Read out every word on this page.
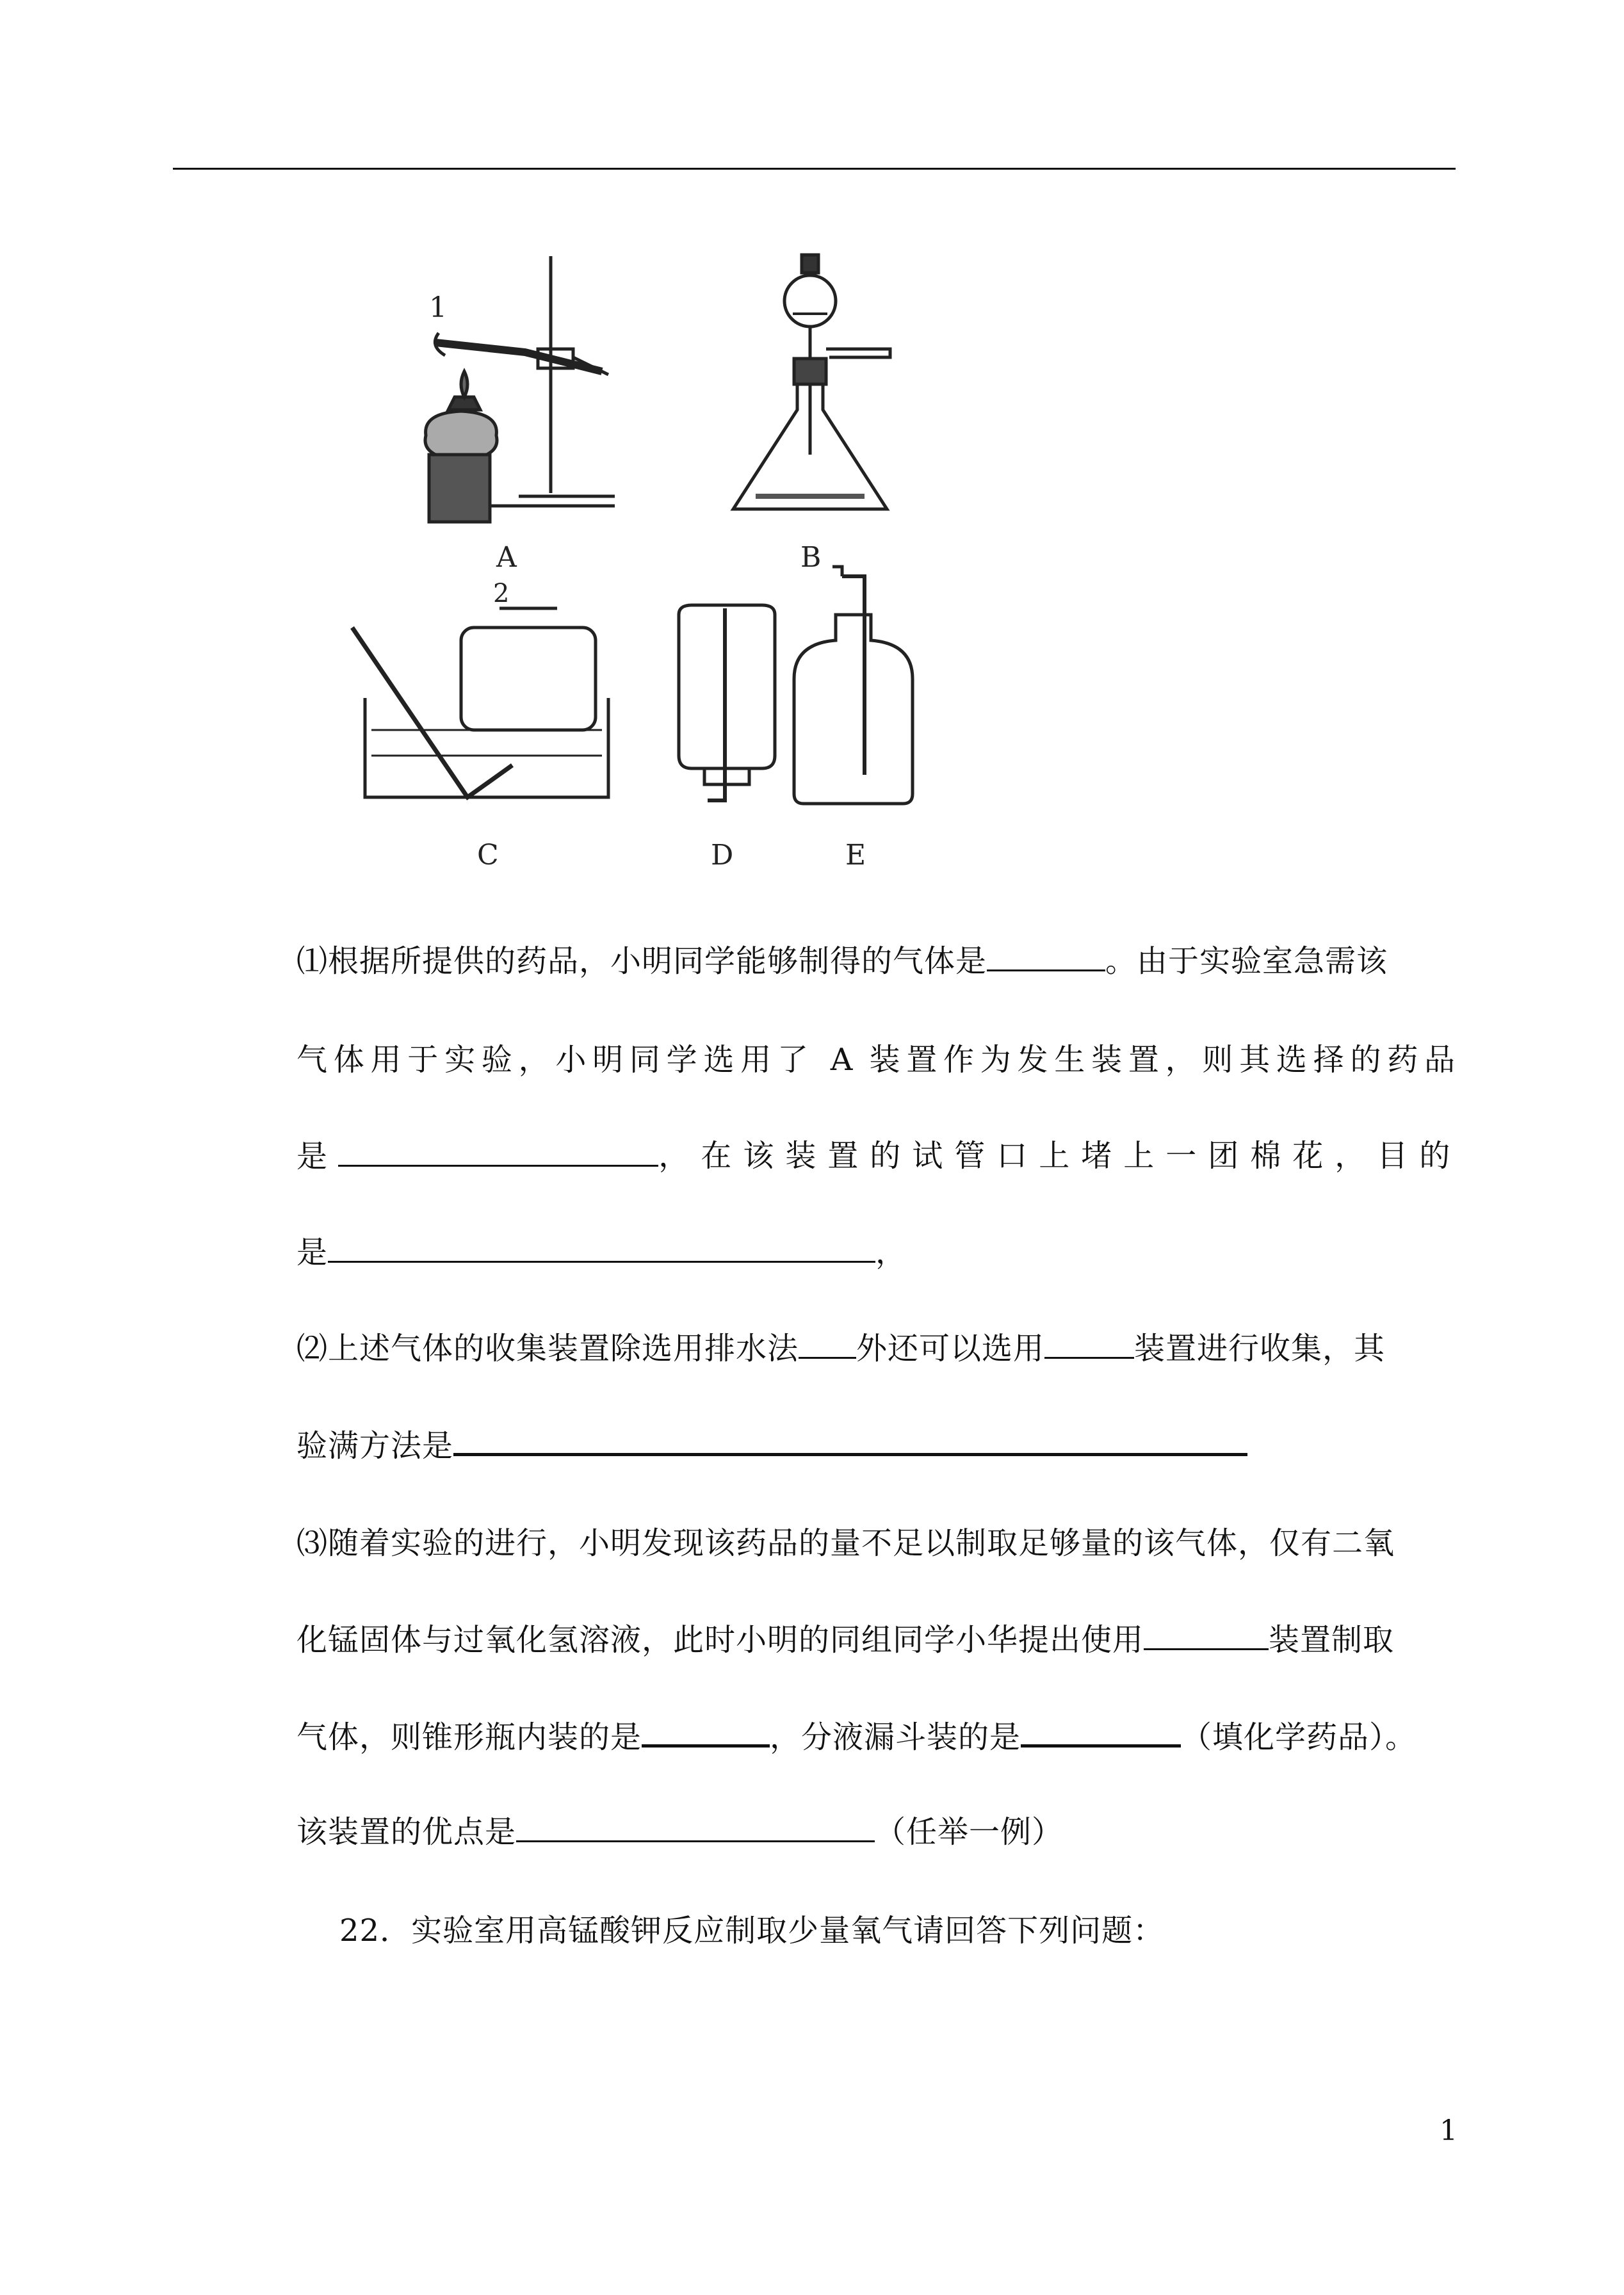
1
A	B
2
C	D	E
⑴根据所提供的药品，小明同学能够制得的气体是	。由于实验室急需该
气体用于实验，小明同学选用了 A 装置作为发生装置，则其选择的药品
是	，在该装置的试管口上堵上一团棉花，目的
是	，
⑵上述气体的收集装置除选用排水法 外还可以选用	装置进行收集，其
验满方法是
⑶随着实验的进行，小明发现该药品的量不足以制取足够量的该气体，仅有二氧
化锰固体与过氧化氢溶液，此时小明的同组同学小华提出使用	装置制取
气体，则锥形瓶内装的是	，分液漏斗装的是	（填化学药品）。
该装置的优点是	（任举一例）
22．实验室用高锰酸钾反应制取少量氧气请回答下列问题：
1
